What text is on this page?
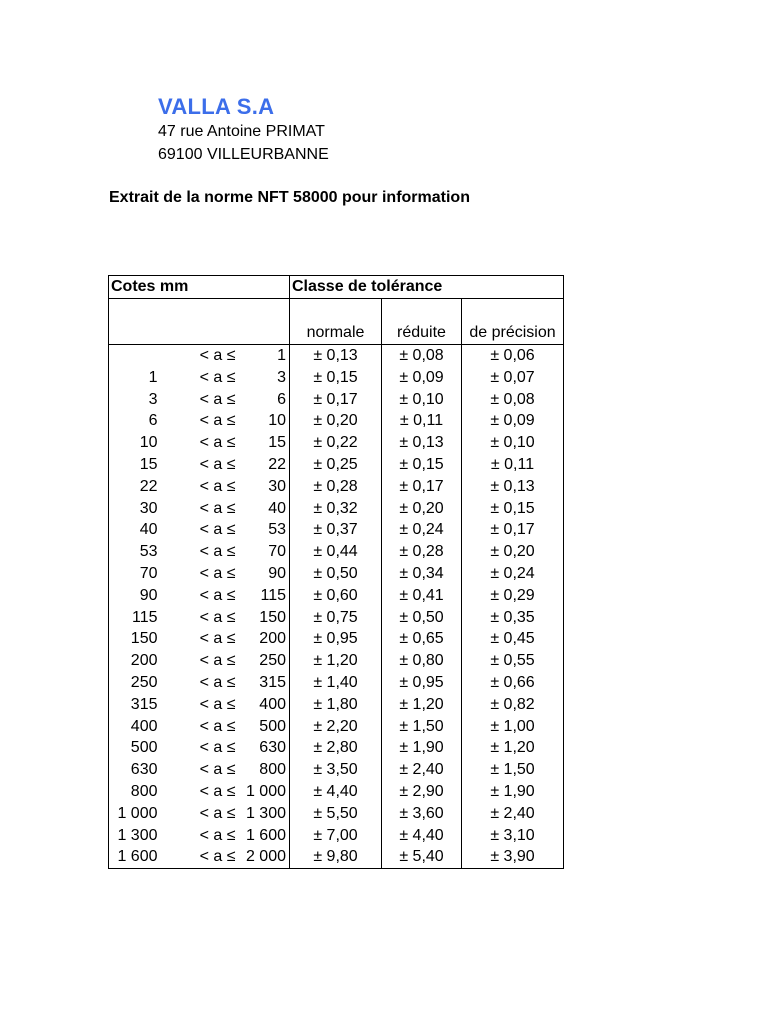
VALLA S.A
47 rue Antoine PRIMAT
69100 VILLEURBANNE
Extrait de la norme NFT 58000 pour information
Cotes mm			Classe de tolérance		
			normale	réduite	de précision
	< a ≤	1	± 0,13	± 0,08	± 0,06
1	< a ≤	3	± 0,15	± 0,09	± 0,07
3	< a ≤	6	± 0,17	± 0,10	± 0,08
6	< a ≤	10	± 0,20	± 0,11	± 0,09
10	< a ≤	15	± 0,22	± 0,13	± 0,10
15	< a ≤	22	± 0,25	± 0,15	± 0,11
22	< a ≤	30	± 0,28	± 0,17	± 0,13
30	< a ≤	40	± 0,32	± 0,20	± 0,15
40	< a ≤	53	± 0,37	± 0,24	± 0,17
53	< a ≤	70	± 0,44	± 0,28	± 0,20
70	< a ≤	90	± 0,50	± 0,34	± 0,24
90	< a ≤	115	± 0,60	± 0,41	± 0,29
115	< a ≤	150	± 0,75	± 0,50	± 0,35
150	< a ≤	200	± 0,95	± 0,65	± 0,45
200	< a ≤	250	± 1,20	± 0,80	± 0,55
250	< a ≤	315	± 1,40	± 0,95	± 0,66
315	< a ≤	400	± 1,80	± 1,20	± 0,82
400	< a ≤	500	± 2,20	± 1,50	± 1,00
500	< a ≤	630	± 2,80	± 1,90	± 1,20
630	< a ≤	800	± 3,50	± 2,40	± 1,50
800	< a ≤	1 000	± 4,40	± 2,90	± 1,90
1 000	< a ≤	1 300	± 5,50	± 3,60	± 2,40
1 300	< a ≤	1 600	± 7,00	± 4,40	± 3,10
1 600	< a ≤	2 000	± 9,80	± 5,40	± 3,90
